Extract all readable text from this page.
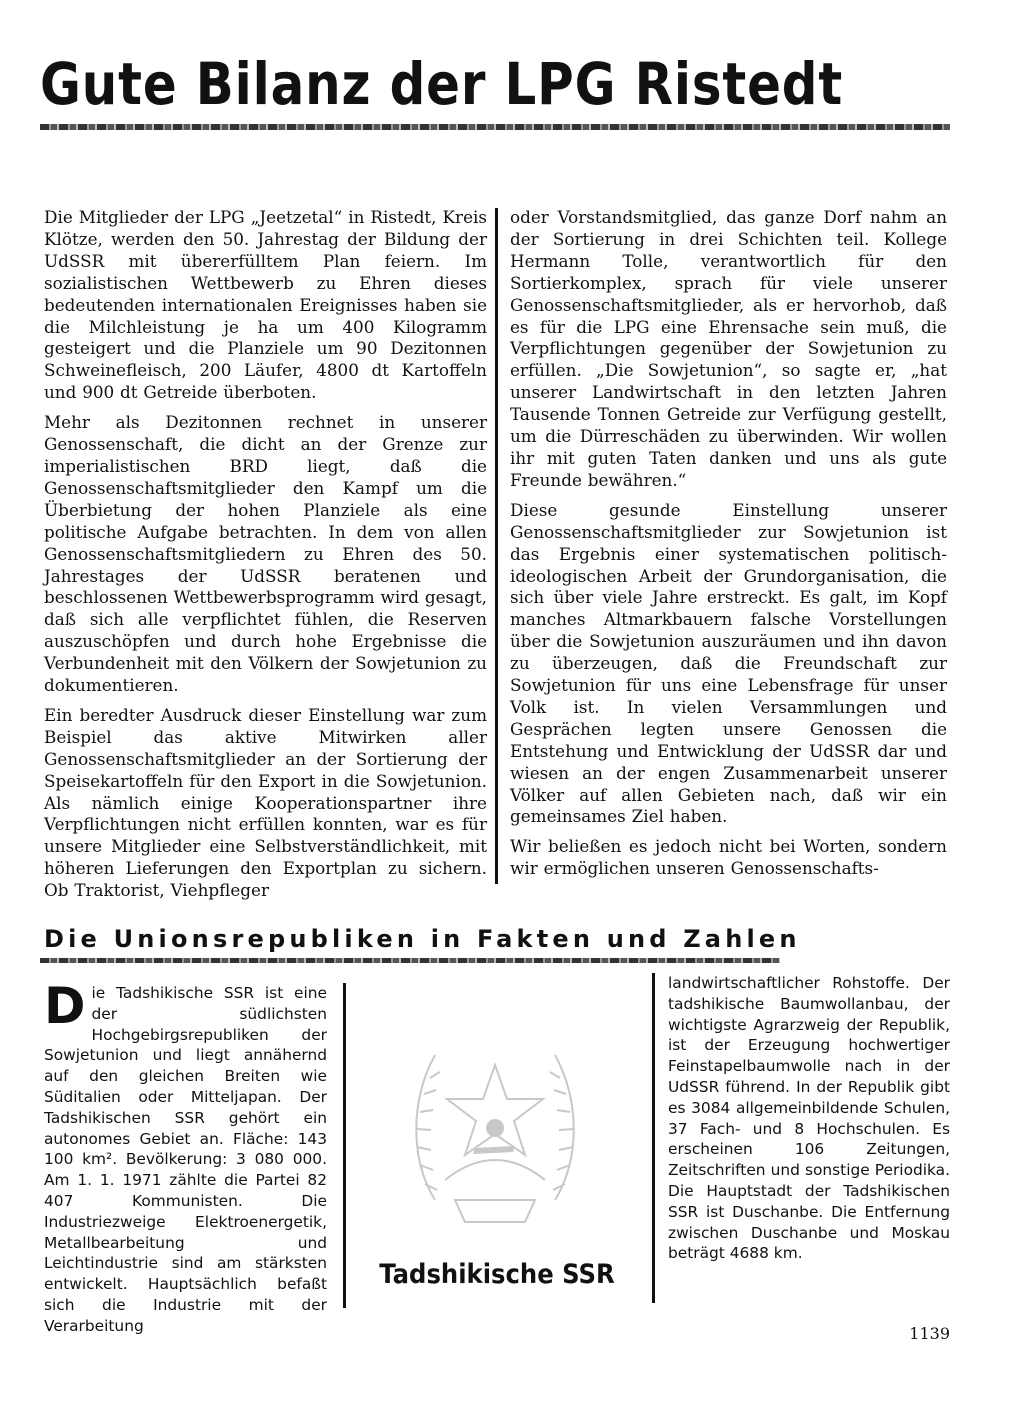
Gute Bilanz der LPG Ristedt

Die Mitglieder der LPG „Jeetzetal“ in Ristedt, Kreis Klötze, werden den 50. Jahrestag der Bildung der UdSSR mit übererfülltem Plan feiern. Im sozialistischen Wettbewerb zu Ehren dieses bedeutenden internationalen Ereignisses haben sie die Milchleistung je ha um 400 Kilogramm gesteigert und die Planziele um 90 Dezitonnen Schweinefleisch, 200 Läufer, 4800 dt Kartoffeln und 900 dt Getreide überboten.

Mehr als Dezitonnen rechnet in unserer Genossenschaft, die dicht an der Grenze zur imperialistischen BRD liegt, daß die Genossenschaftsmitglieder den Kampf um die Überbietung der hohen Planziele als eine politische Aufgabe betrachten. In dem von allen Genossenschaftsmitgliedern zu Ehren des 50. Jahrestages der UdSSR beratenen und beschlossenen Wettbewerbsprogramm wird gesagt, daß sich alle verpflichtet fühlen, die Reserven auszuschöpfen und durch hohe Ergebnisse die Verbundenheit mit den Völkern der Sowjetunion zu dokumentieren.

Ein beredter Ausdruck dieser Einstellung war zum Beispiel das aktive Mitwirken aller Genossenschaftsmitglieder an der Sortierung der Speisekartoffeln für den Export in die Sowjetunion. Als nämlich einige Kooperationspartner ihre Verpflichtungen nicht erfüllen konnten, war es für unsere Mitglieder eine Selbstverständlichkeit, mit höheren Lieferungen den Exportplan zu sichern. Ob Traktorist, Viehpfleger

oder Vorstandsmitglied, das ganze Dorf nahm an der Sortierung in drei Schichten teil. Kollege Hermann Tolle, verantwortlich für den Sortierkomplex, sprach für viele unserer Genossenschaftsmitglieder, als er hervorhob, daß es für die LPG eine Ehrensache sein muß, die Verpflichtungen gegenüber der Sowjetunion zu erfüllen. „Die Sowjetunion“, so sagte er, „hat unserer Landwirtschaft in den letzten Jahren Tausende Tonnen Getreide zur Verfügung gestellt, um die Dürreschäden zu überwinden. Wir wollen ihr mit guten Taten danken und uns als gute Freunde bewähren.“

Diese gesunde Einstellung unserer Genossenschaftsmitglieder zur Sowjetunion ist das Ergebnis einer systematischen politisch-ideologischen Arbeit der Grundorganisation, die sich über viele Jahre erstreckt. Es galt, im Kopf manches Altmarkbauern falsche Vorstellungen über die Sowjetunion auszuräumen und ihn davon zu überzeugen, daß die Freundschaft zur Sowjetunion für uns eine Lebensfrage für unser Volk ist. In vielen Versammlungen und Gesprächen legten unsere Genossen die Entstehung und Entwicklung der UdSSR dar und wiesen an der engen Zusammenarbeit unserer Völker auf allen Gebieten nach, daß wir ein gemeinsames Ziel haben.

Wir beließen es jedoch nicht bei Worten, sondern wir ermöglichen unseren Genossenschafts-

Die Unionsrepubliken in Fakten und Zahlen
D ie Tadshikische SSR ist eine der südlichsten Hochgebirgsrepubliken der Sowjetunion und liegt annähernd auf den gleichen Breiten wie Süditalien oder Mitteljapan. Der Tadshikischen SSR gehört ein autonomes Gebiet an. Fläche: 143 100 km². Bevölkerung: 3 080 000. Am 1. 1. 1971 zählte die Partei 82 407 Kommunisten. Die Industriezweige Elektroenergetik, Metallbearbeitung und Leichtindustrie sind am stärksten entwickelt. Hauptsächlich befaßt sich die Industrie mit der Verarbeitung

Tadshikische SSR

landwirtschaftlicher Rohstoffe. Der tadshikische Baumwollanbau, der wichtigste Agrarzweig der Republik, ist der Erzeugung hochwertiger Feinstapelbaumwolle nach in der UdSSR führend. In der Republik gibt es 3084 allgemeinbildende Schulen, 37 Fach- und 8 Hochschulen. Es erscheinen 106 Zeitungen, Zeitschriften und sonstige Periodika. Die Hauptstadt der Tadshikischen SSR ist Duschanbe. Die Entfernung zwischen Duschanbe und Moskau beträgt 4688 km.
1139
